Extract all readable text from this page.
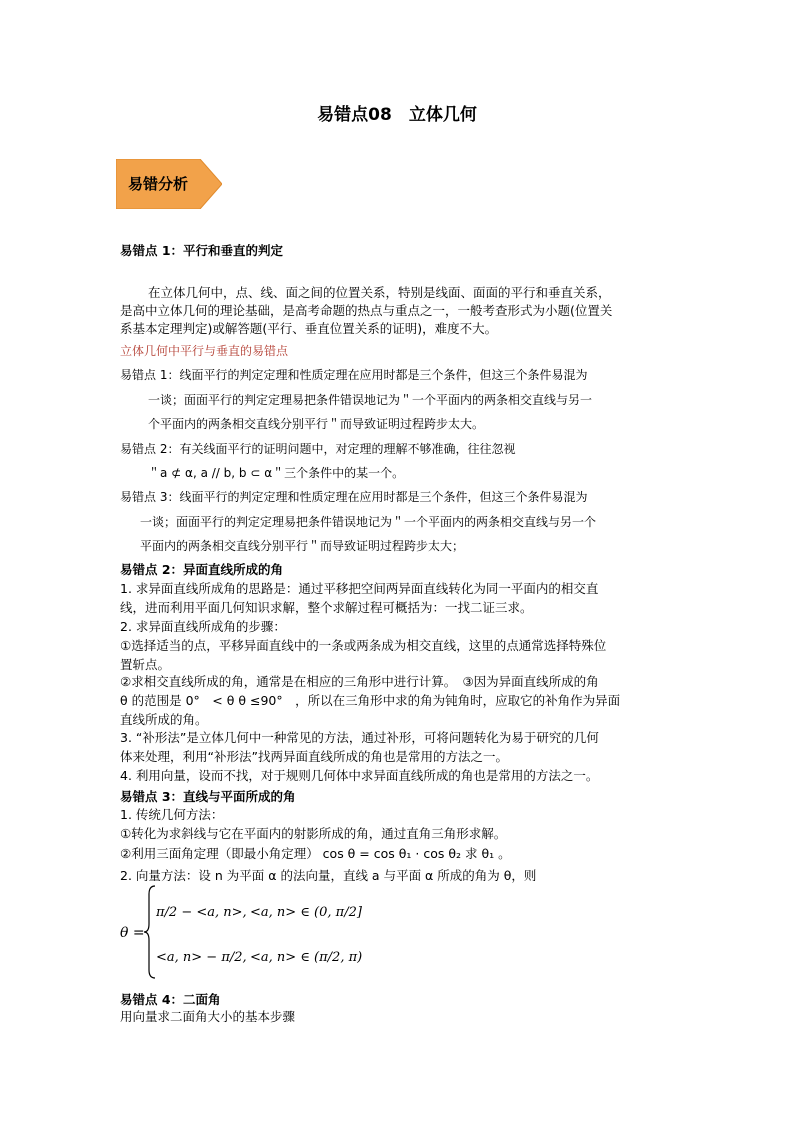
易错点08　立体几何
易错分析
易错点 1：平行和垂直的判定
在立体几何中，点、线、面之间的位置关系，特别是线面、面面的平行和垂直关系，
是高中立体几何的理论基础，是高考命题的热点与重点之一，一般考查形式为小题(位置关
系基本定理判定)或解答题(平行、垂直位置关系的证明)，难度不大。
立体几何中平行与垂直的易错点
易错点 1：线面平行的判定定理和性质定理在应用时都是三个条件，但这三个条件易混为
一谈；面面平行的判定定理易把条件错误地记为＂一个平面内的两条相交直线与另一
个平面内的两条相交直线分别平行＂而导致证明过程跨步太大。
易错点 2：有关线面平行的证明问题中，对定理的理解不够准确，往往忽视
＂a ⊄ α, a // b, b ⊂ α＂三个条件中的某一个。
易错点 3：线面平行的判定定理和性质定理在应用时都是三个条件，但这三个条件易混为
一谈；面面平行的判定定理易把条件错误地记为＂一个平面内的两条相交直线与另一个
平面内的两条相交直线分别平行＂而导致证明过程跨步太大；
易错点 2：异面直线所成的角
1. 求异面直线所成角的思路是：通过平移把空间两异面直线转化为同一平面内的相交直
线，进而利用平面几何知识求解，整个求解过程可概括为：一找二证三求。
2. 求异面直线所成角的步骤：
①选择适当的点，平移异面直线中的一条或两条成为相交直线，这里的点通常选择特殊位
置斩点。
②求相交直线所成的角，通常是在相应的三角形中进行计算。　③因为异面直线所成的角
θ 的范围是 0°　< θ θ ≤90°　，所以在三角形中求的角为钝角时，应取它的补角作为异面
直线所成的角。
3. “补形法”是立体几何中一种常见的方法，通过补形，可将问题转化为易于研究的几何
体来处理，利用“补形法”找两异面直线所成的角也是常用的方法之一。
4. 利用向量，设而不找，对于规则几何体中求异面直线所成的角也是常用的方法之一。
易错点 3：直线与平面所成的角
1. 传统几何方法：
①转化为求斜线与它在平面内的射影所成的角，通过直角三角形求解。
②利用三面角定理（即最小角定理） cos θ = cos θ₁ · cos θ₂ 求 θ₁ 。
2. 向量方法：设 n 为平面 α 的法向量，直线 a 与平面 α 所成的角为 θ，则
θ =
π/2 − <a, n>, <a, n> ∈ (0, π/2]
<a, n> − π/2, <a, n> ∈ (π/2, π)
易错点 4：二面角
用向量求二面角大小的基本步骤
